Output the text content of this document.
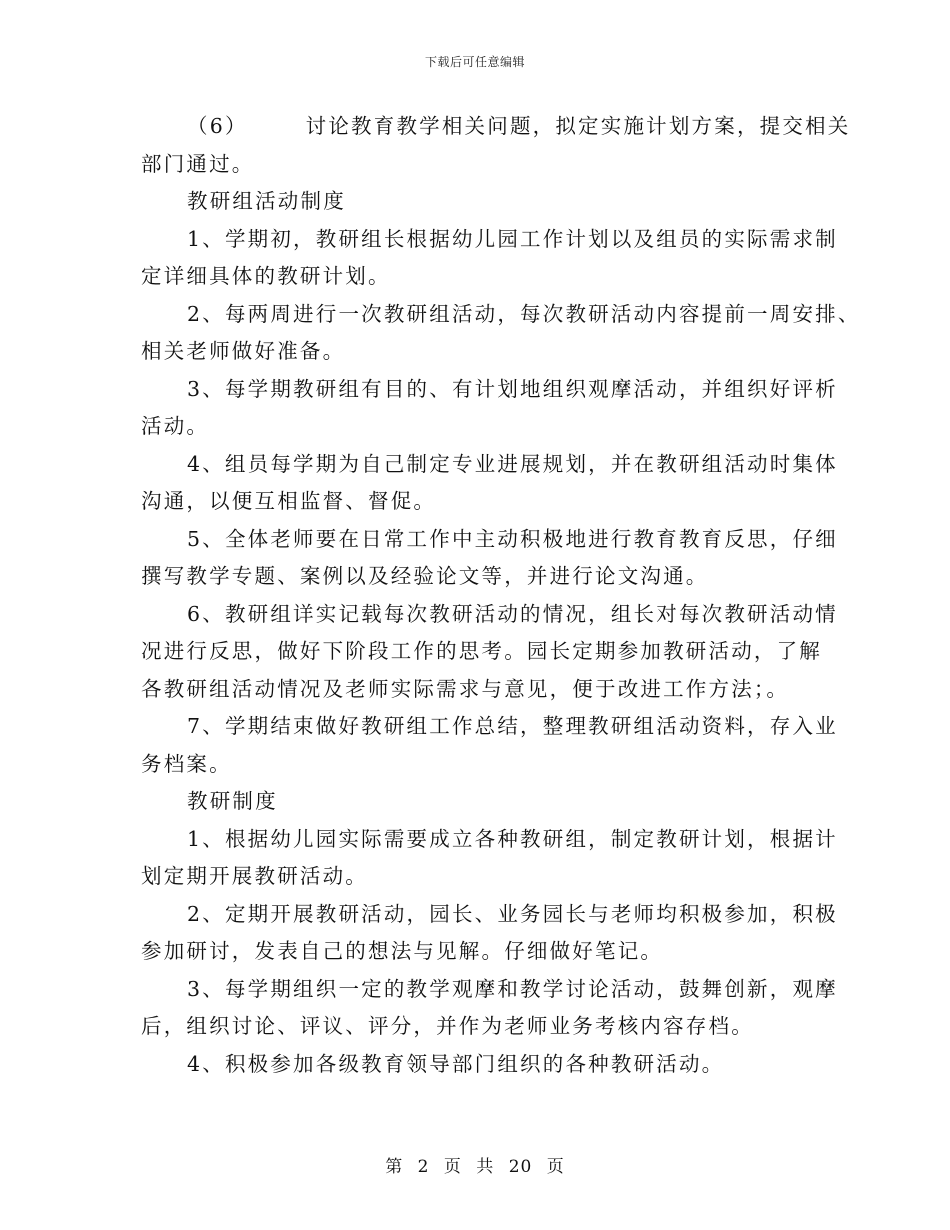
下载后可任意编辑
（6）	讨论教育教学相关问题，拟定实施计划方案，提交相关
部门通过。
教研组活动制度
1、学期初，教研组长根据幼儿园工作计划以及组员的实际需求制
定详细具体的教研计划。
2、每两周进行一次教研组活动，每次教研活动内容提前一周安排、
相关老师做好准备。
3、每学期教研组有目的、有计划地组织观摩活动，并组织好评析
活动。
4、组员每学期为自己制定专业进展规划，并在教研组活动时集体
沟通，以便互相监督、督促。
5、全体老师要在日常工作中主动积极地进行教育教育反思，仔细
撰写教学专题、案例以及经验论文等，并进行论文沟通。
6、教研组详实记载每次教研活动的情况，组长对每次教研活动情
况进行反思，做好下阶段工作的思考。园长定期参加教研活动，了解
各教研组活动情况及老师实际需求与意见，便于改进工作方法；。
7、学期结束做好教研组工作总结，整理教研组活动资料，存入业
务档案。
教研制度
1、根据幼儿园实际需要成立各种教研组，制定教研计划，根据计
划定期开展教研活动。
2、定期开展教研活动，园长、业务园长与老师均积极参加，积极
参加研讨，发表自己的想法与见解。仔细做好笔记。
3、每学期组织一定的教学观摩和教学讨论活动，鼓舞创新，观摩
后，组织讨论、评议、评分，并作为老师业务考核内容存档。
4、积极参加各级教育领导部门组织的各种教研活动。
第 2 页 共 20 页
